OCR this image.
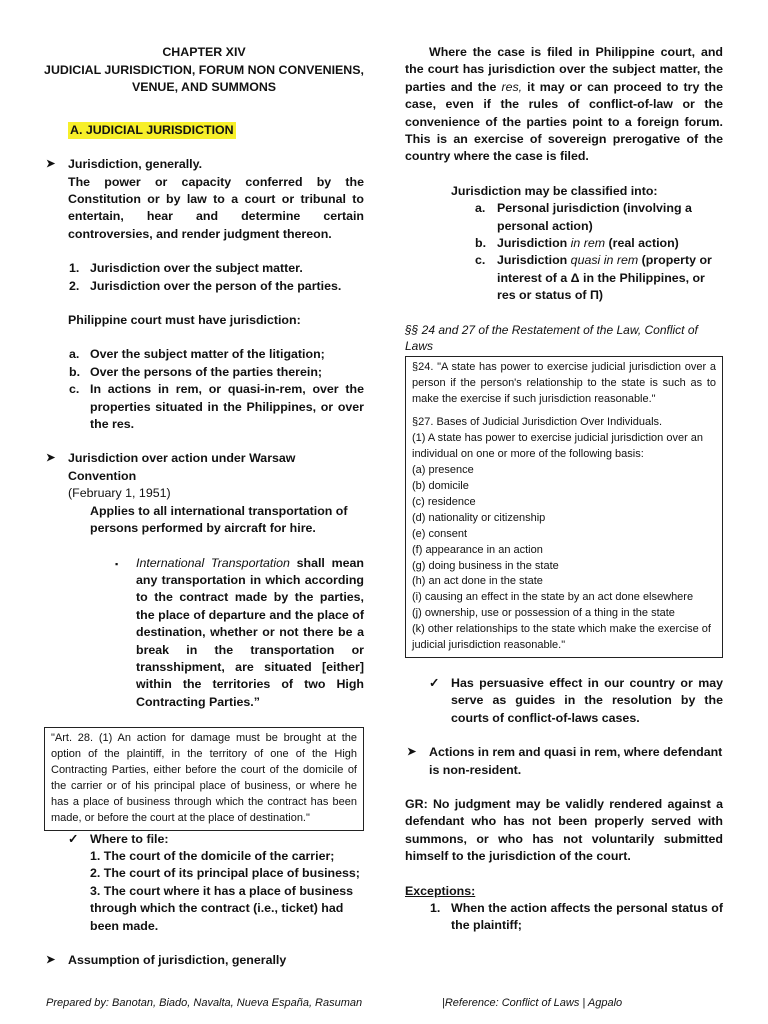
CHAPTER XIV
JUDICIAL JURISDICTION, FORUM NON CONVENIENS,
VENUE, AND SUMMONS
A. JUDICIAL JURISDICTION
➤ Jurisdiction, generally.
The power or capacity conferred by the Constitution or by law to a court or tribunal to entertain, hear and determine certain controversies, and render judgment thereon.
1. Jurisdiction over the subject matter.
2. Jurisdiction over the person of the parties.
Philippine court must have jurisdiction:
a. Over the subject matter of the litigation;
b. Over the persons of the parties therein;
c. In actions in rem, or quasi-in-rem, over the properties situated in the Philippines, or over the res.
➤ Jurisdiction over action under Warsaw Convention
(February 1, 1951)
Applies to all international transportation of persons performed by aircraft for hire.
▪ International Transportation shall mean any transportation in which according to the contract made by the parties, the place of departure and the place of destination, whether or not there be a break in the transportation or transshipment, are situated [either] within the territories of two High Contracting Parties.”
"Art. 28. (1) An action for damage must be brought at the option of the plaintiff, in the territory of one of the High Contracting Parties, either before the court of the domicile of the carrier or of his principal place of business, or where he has a place of business through which the contract has been made, or before the court at the place of destination."
✓ Where to file:
1. The court of the domicile of the carrier;
2. The court of its principal place of business;
3. The court where it has a place of business through which the contract (i.e., ticket) had been made.
➤ Assumption of jurisdiction, generally
Where the case is filed in Philippine court, and the court has jurisdiction over the subject matter, the parties and the res, it may or can proceed to try the case, even if the rules of conflict-of-law or the convenience of the parties point to a foreign forum. This is an exercise of sovereign prerogative of the country where the case is filed.
Jurisdiction may be classified into:
a. Personal jurisdiction (involving a personal action)
b. Jurisdiction in rem (real action)
c. Jurisdiction quasi in rem (property or interest of a Δ in the Philippines, or res or status of Π)
§§ 24 and 27 of the Restatement of the Law, Conflict of Laws
§24. "A state has power to exercise judicial jurisdiction over a person if the person's relationship to the state is such as to make the exercise if such jurisdiction reasonable."
§27. Bases of Judicial Jurisdiction Over Individuals.
(1) A state has power to exercise judicial jurisdiction over an individual on one or more of the following basis:
(a) presence
(b) domicile
(c) residence
(d) nationality or citizenship
(e) consent
(f) appearance in an action
(g) doing business in the state
(h) an act done in the state
(i) causing an effect in the state by an act done elsewhere
(j) ownership, use or possession of a thing in the state
(k) other relationships to the state which make the exercise of judicial jurisdiction reasonable."
✓ Has persuasive effect in our country or may serve as guides in the resolution by the courts of conflict-of-laws cases.
➤ Actions in rem and quasi in rem, where defendant is non-resident.
GR: No judgment may be validly rendered against a defendant who has not been properly served with summons, or who has not voluntarily submitted himself to the jurisdiction of the court.
Exceptions:
1. When the action affects the personal status of the plaintiff;
Prepared by: Banotan, Biado, Navalta, Nueva España, Rasuman	|Reference: Conflict of Laws | Agpalo
